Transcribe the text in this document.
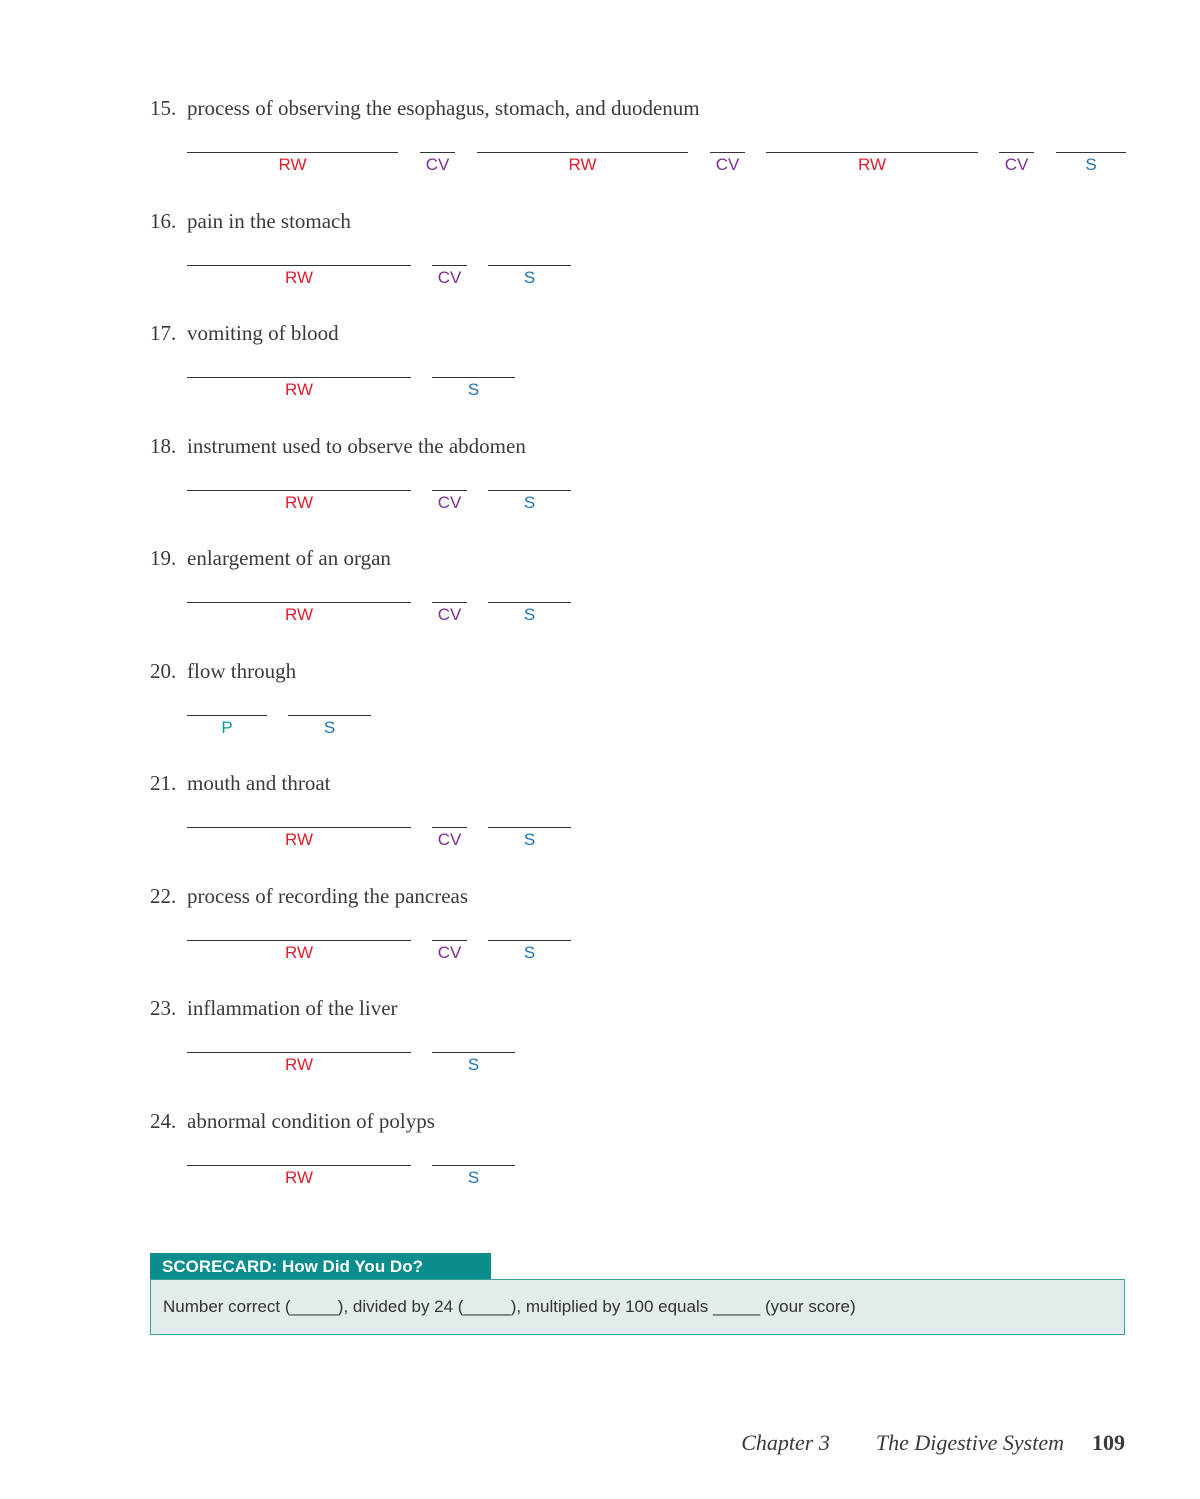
15. process of observing the esophagus, stomach, and duodenum
RW	CV	RW	CV	RW	CV	S
16. pain in the stomach
RW	CV	S
17. vomiting of blood
RW	S
18. instrument used to observe the abdomen
RW	CV	S
19. enlargement of an organ
RW	CV	S
20. flow through
P	S
21. mouth and throat
RW	CV	S
22. process of recording the pancreas
RW	CV	S
23. inflammation of the liver
RW	S
24. abnormal condition of polyps
RW	S
SCORECARD: How Did You Do?
Number correct (_____), divided by 24 (_____), multiplied by 100 equals _____ (your score)
Chapter 3 The Digestive System 109
